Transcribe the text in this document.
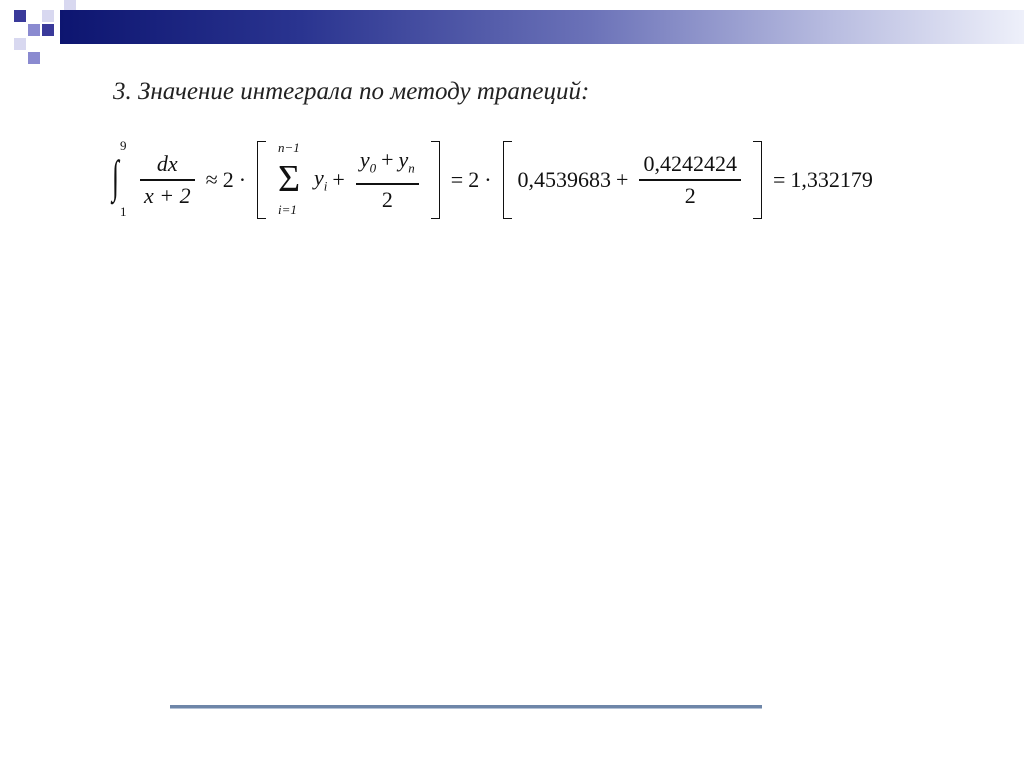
3. Значение интеграла по методу трапеций:
9
∫
1
$\frac{dx}{x + 2} \approx 2$ ·
n−1
Σ
i=1
$y_i + \frac{y_0 + y_n}{2} = 2 \cdot 0,4539683 + \frac{0,4242424}{2} = 1,332179$
